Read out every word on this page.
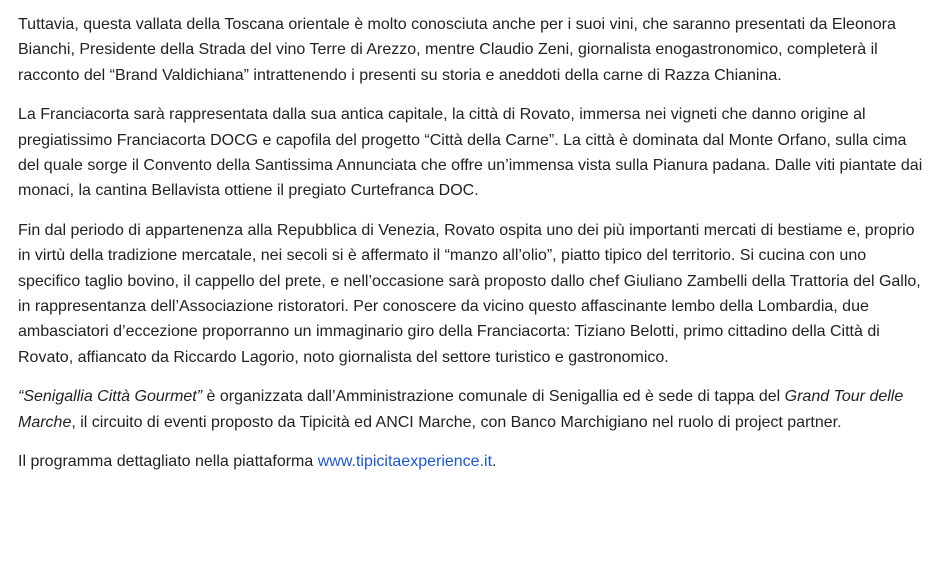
Tuttavia, questa vallata della Toscana orientale è molto conosciuta anche per i suoi vini, che saranno presentati da Eleonora Bianchi, Presidente della Strada del vino Terre di Arezzo, mentre Claudio Zeni, giornalista enogastronomico, completerà il racconto del “Brand Valdichiana” intrattenendo i presenti su storia e aneddoti della carne di Razza Chianina.

La Franciacorta sarà rappresentata dalla sua antica capitale, la città di Rovato, immersa nei vigneti che danno origine al pregiatissimo Franciacorta DOCG e capofila del progetto “Città della Carne”. La città è dominata dal Monte Orfano, sulla cima del quale sorge il Convento della Santissima Annunciata che offre un’immensa vista sulla Pianura padana. Dalle viti piantate dai monaci, la cantina Bellavista ottiene il pregiato Curtefranca DOC.

Fin dal periodo di appartenenza alla Repubblica di Venezia, Rovato ospita uno dei più importanti mercati di bestiame e, proprio in virtù della tradizione mercatale, nei secoli si è affermato il “manzo all’olio”, piatto tipico del territorio. Si cucina con uno specifico taglio bovino, il cappello del prete, e nell’occasione sarà proposto dallo chef Giuliano Zambelli della Trattoria del Gallo, in rappresentanza dell’Associazione ristoratori. Per conoscere da vicino questo affascinante lembo della Lombardia, due ambasciatori d’eccezione proporranno un immaginario giro della Franciacorta: Tiziano Belotti, primo cittadino della Città di Rovato, affiancato da Riccardo Lagorio, noto giornalista del settore turistico e gastronomico.

“Senigallia Città Gourmet” è organizzata dall’Amministrazione comunale di Senigallia ed è sede di tappa del Grand Tour delle Marche, il circuito di eventi proposto da Tipicità ed ANCI Marche, con Banco Marchigiano nel ruolo di project partner.

Il programma dettagliato nella piattaforma www.tipicitaexperience.it.
